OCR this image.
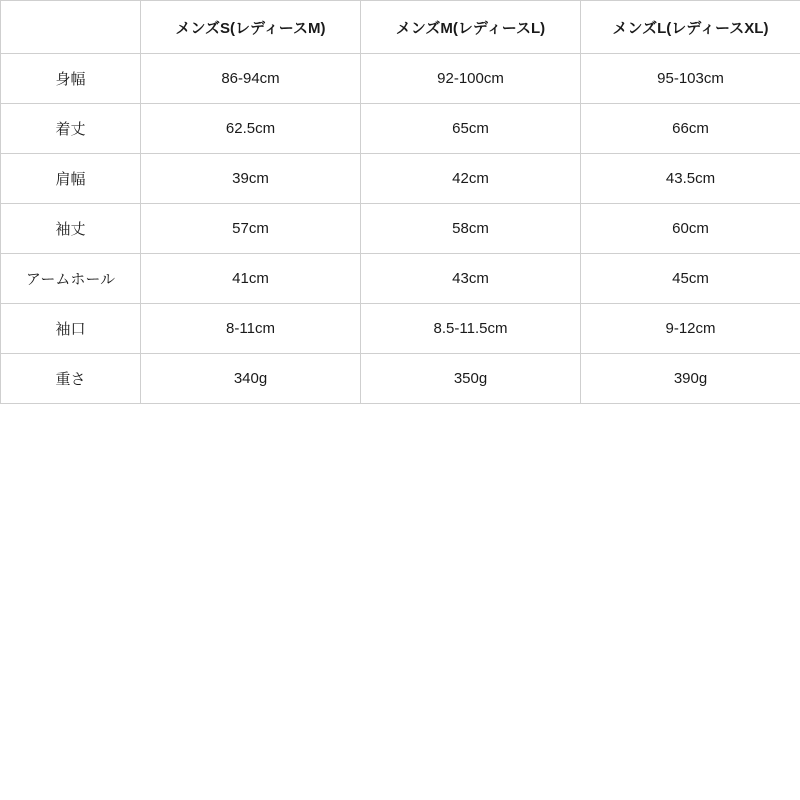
	メンズS(レディースM)	メンズM(レディースL)	メンズL(レディースXL)
身幅	86-94cm	92-100cm	95-103cm
着丈	62.5cm	65cm	66cm
肩幅	39cm	42cm	43.5cm
袖丈	57cm	58cm	60cm
アームホール	41cm	43cm	45cm
袖口	8-11cm	8.5-11.5cm	9-12cm
重さ	340g	350g	390g
